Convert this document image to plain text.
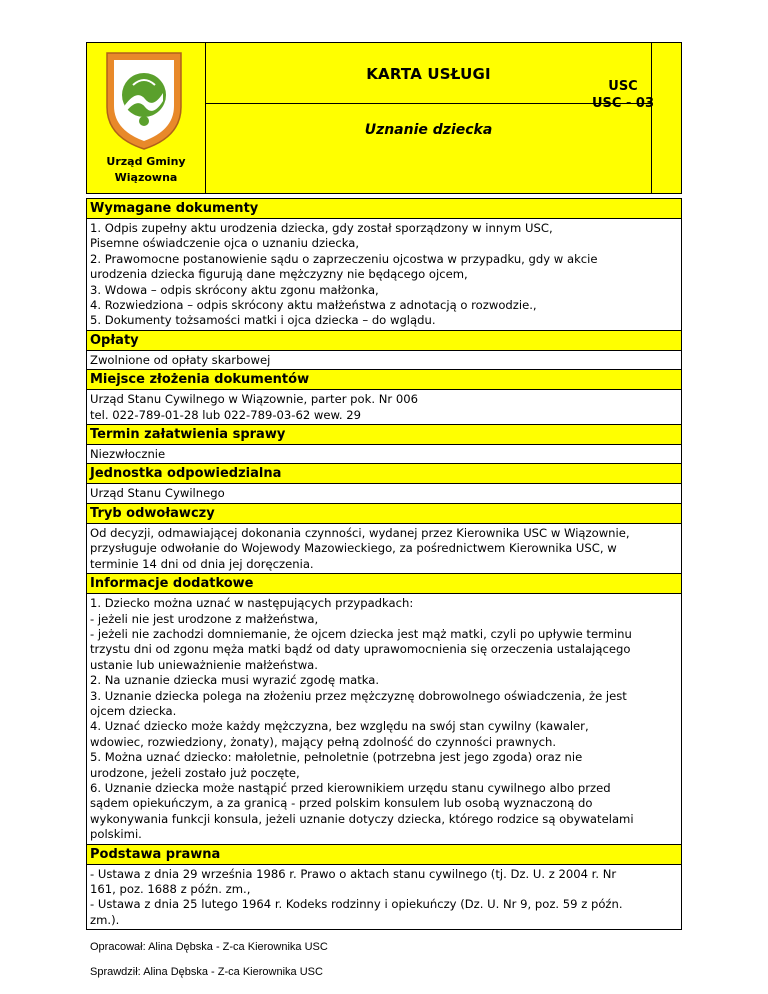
Urząd Gminy
Wiązowna
KARTA USŁUGI
Uznanie dziecka
USC
USC - 03
Wymagane dokumenty

1. Odpis zupełny aktu urodzenia dziecka, gdy został sporządzony w innym USC,

Pisemne oświadczenie ojca o uznaniu dziecka,

2. Prawomocne postanowienie sądu o zaprzeczeniu ojcostwa w przypadku, gdy w akcie

urodzenia dziecka figurują dane mężczyzny nie będącego ojcem,

3. Wdowa – odpis skrócony aktu zgonu małżonka,

4. Rozwiedziona – odpis skrócony aktu małżeństwa z adnotacją o rozwodzie.,

5. Dokumenty tożsamości matki i ojca dziecka – do wglądu.

Opłaty

Zwolnione od opłaty skarbowej

Miejsce złożenia dokumentów

Urząd Stanu Cywilnego w Wiązownie, parter pok. Nr 006

tel. 022-789-01-28 lub 022-789-03-62 wew. 29

Termin załatwienia sprawy

Niezwłocznie

Jednostka odpowiedzialna

Urząd Stanu Cywilnego

Tryb odwoławczy

Od decyzji, odmawiającej dokonania czynności, wydanej przez Kierownika USC w Wiązownie,

przysługuje odwołanie do Wojewody Mazowieckiego, za pośrednictwem Kierownika USC, w

terminie 14 dni od dnia jej doręczenia.

Informacje dodatkowe

1. Dziecko można uznać w następujących przypadkach:

- jeżeli nie jest urodzone z małżeństwa,

- jeżeli nie zachodzi domniemanie, że ojcem dziecka jest mąż matki, czyli po upływie terminu

trzystu dni od zgonu męża matki bądź od daty uprawomocnienia się orzeczenia ustalającego

ustanie lub unieważnienie małżeństwa.

2. Na uznanie dziecka musi wyrazić zgodę matka.

3. Uznanie dziecka polega na złożeniu przez mężczyznę dobrowolnego oświadczenia, że jest

ojcem dziecka.

4. Uznać dziecko może każdy mężczyzna, bez względu na swój stan cywilny (kawaler,

wdowiec, rozwiedziony, żonaty), mający pełną zdolność do czynności prawnych.

5. Można uznać dziecko: małoletnie, pełnoletnie (potrzebna jest jego zgoda) oraz nie

urodzone, jeżeli zostało już poczęte,

6. Uznanie dziecka może nastąpić przed kierownikiem urzędu stanu cywilnego albo przed

sądem opiekuńczym, a za granicą - przed polskim konsulem lub osobą wyznaczoną do

wykonywania funkcji konsula, jeżeli uznanie dotyczy dziecka, którego rodzice są obywatelami

polskimi.

Podstawa prawna

- Ustawa z dnia 29 września 1986 r. Prawo o aktach stanu cywilnego (tj. Dz. U. z 2004 r. Nr

161, poz. 1688 z późn. zm.,

- Ustawa z dnia 25 lutego 1964 r. Kodeks rodzinny i opiekuńczy (Dz. U. Nr 9, poz. 59 z późn.

zm.).

Opracował: Alina Dębska - Z-ca Kierownika USC
Sprawdził: Alina Dębska - Z-ca Kierownika USC
